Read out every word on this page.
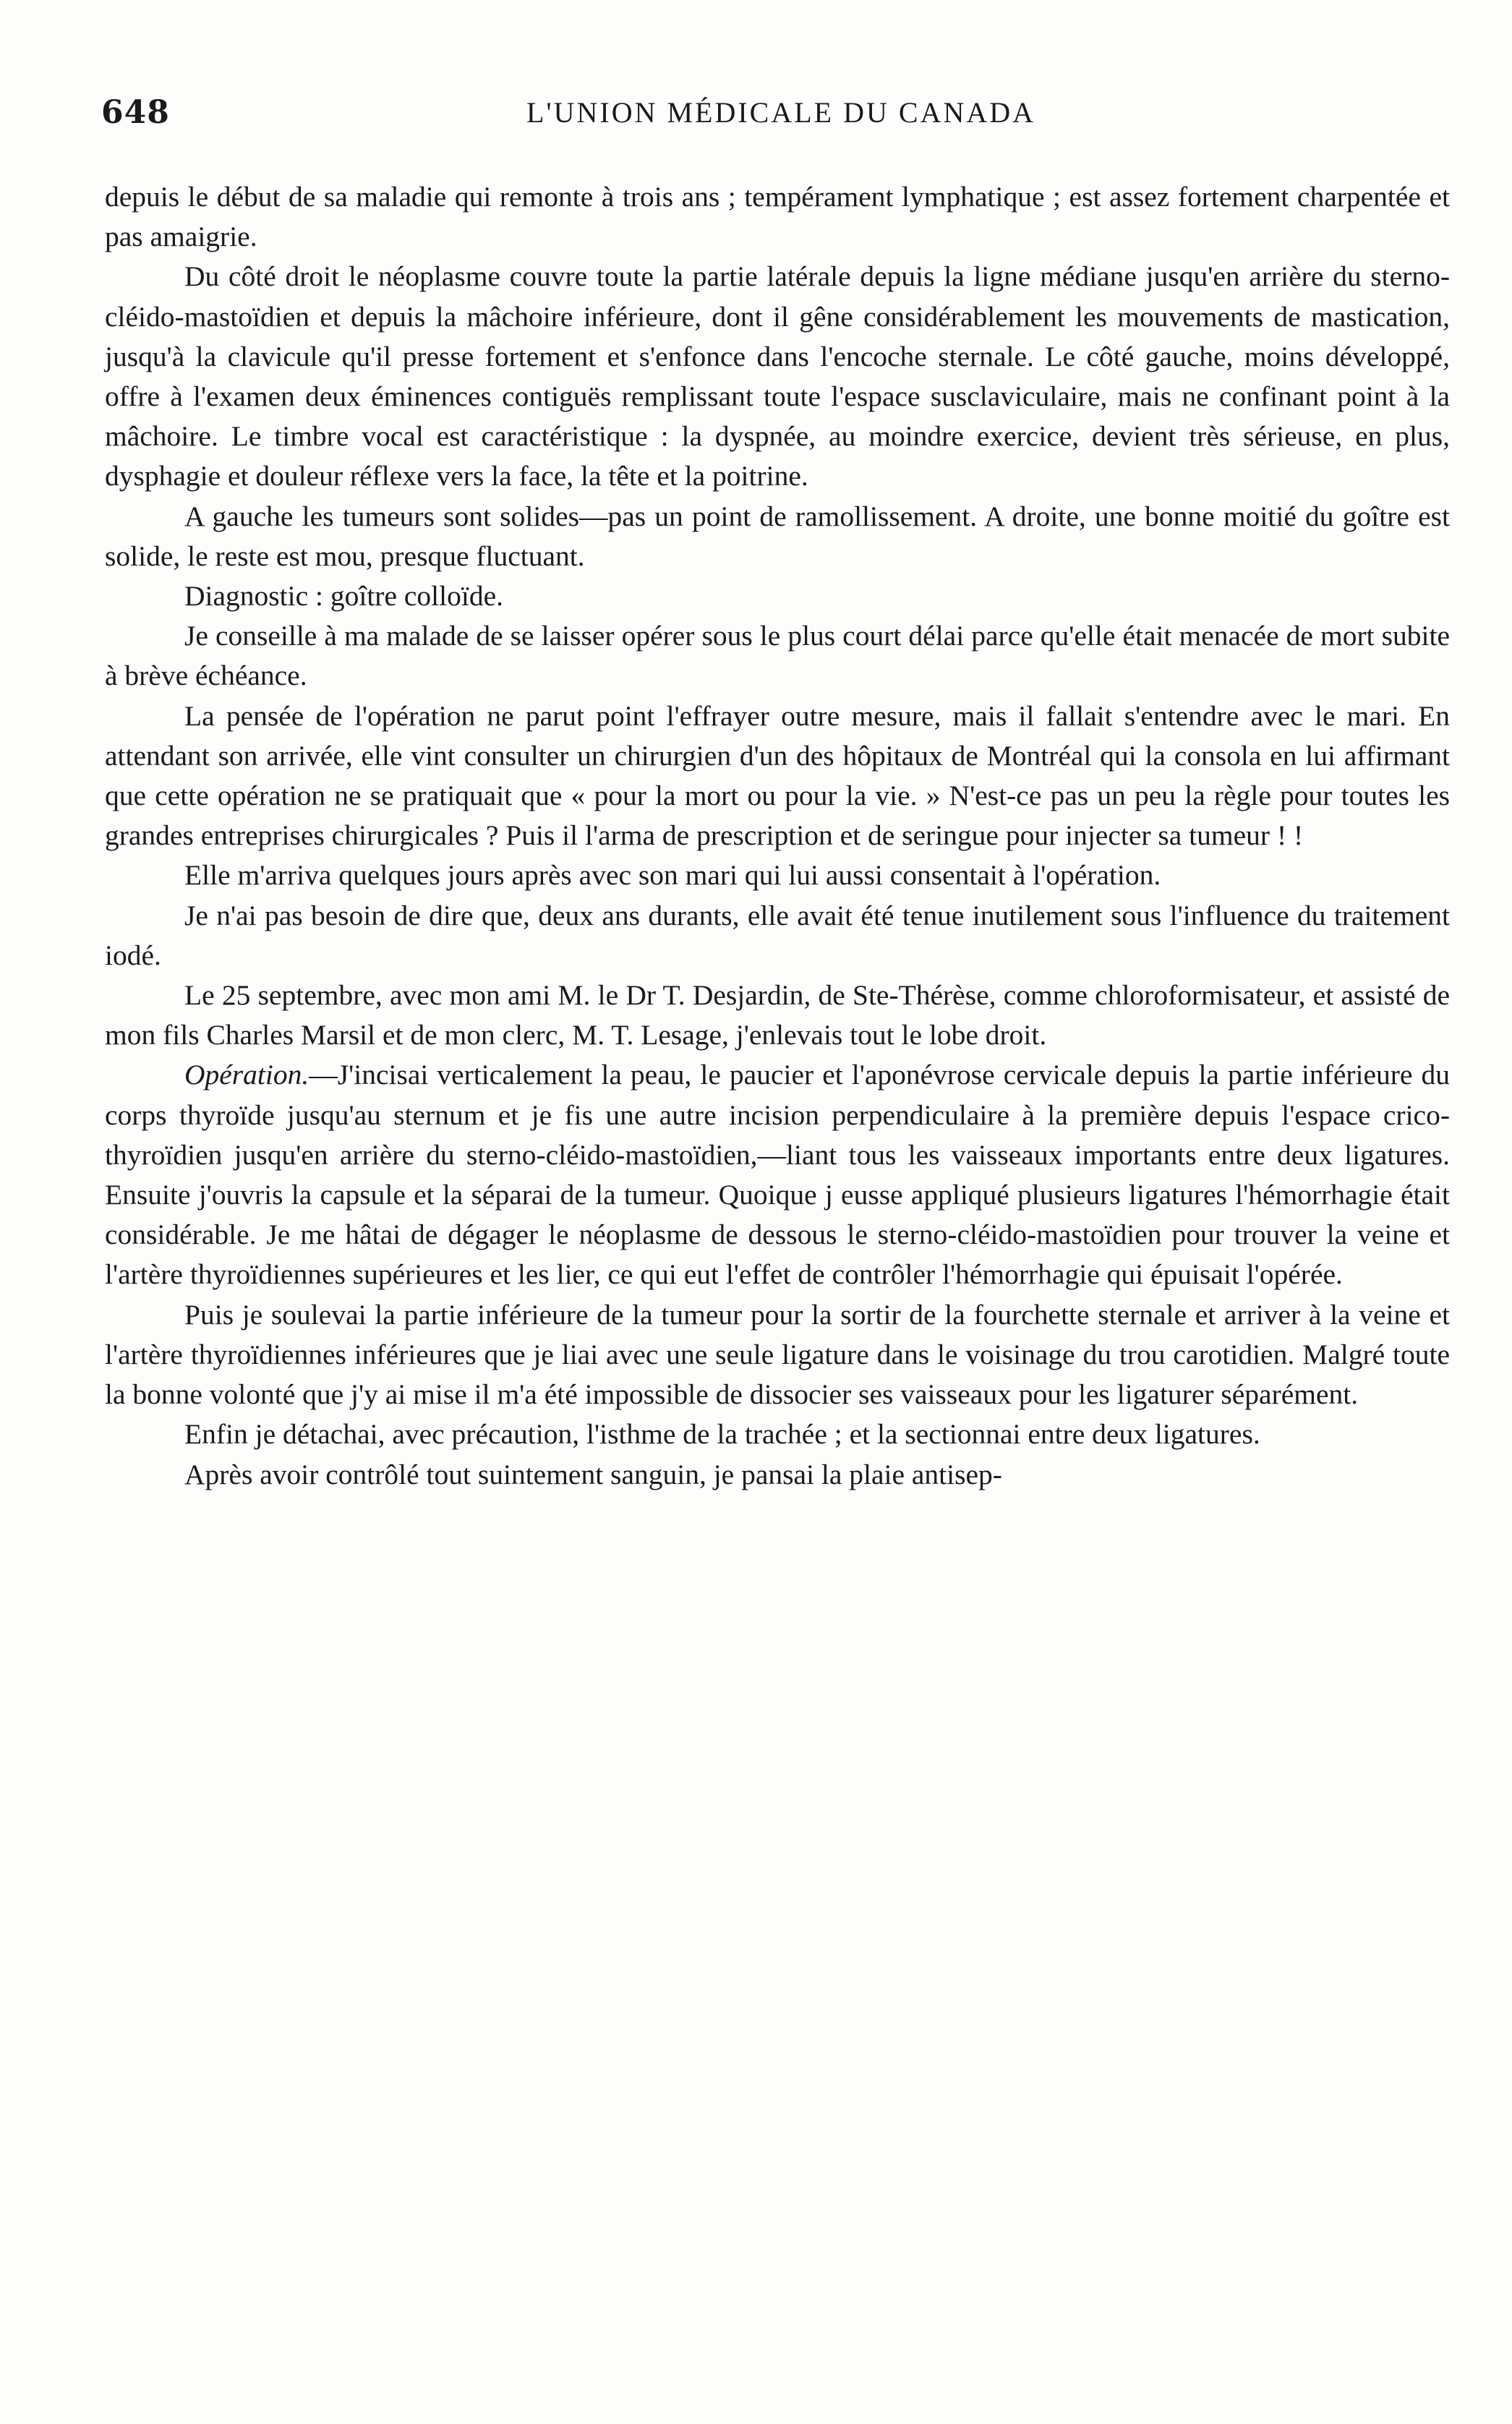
648	L'UNION MÉDICALE DU CANADA

depuis le début de sa maladie qui remonte à trois ans ; tempérament lymphatique ; est assez fortement charpentée et pas amaigrie.

Du côté droit le néoplasme couvre toute la partie latérale depuis la ligne médiane jusqu'en arrière du sterno-cléido-mastoïdien et depuis la mâchoire inférieure, dont il gêne considérablement les mouvements de mastication, jusqu'à la clavicule qu'il presse fortement et s'enfonce dans l'encoche sternale. Le côté gauche, moins développé, offre à l'examen deux éminences contiguës remplissant toute l'espace susclaviculaire, mais ne confinant point à la mâchoire. Le timbre vocal est caractéristique : la dyspnée, au moindre exercice, devient très sérieuse, en plus, dysphagie et douleur réflexe vers la face, la tête et la poitrine.

A gauche les tumeurs sont solides—pas un point de ramollissement. A droite, une bonne moitié du goître est solide, le reste est mou, presque fluctuant.

Diagnostic : goître colloïde.

Je conseille à ma malade de se laisser opérer sous le plus court délai parce qu'elle était menacée de mort subite à brève échéance.

La pensée de l'opération ne parut point l'effrayer outre mesure, mais il fallait s'entendre avec le mari. En attendant son arrivée, elle vint consulter un chirurgien d'un des hôpitaux de Montréal qui la consola en lui affirmant que cette opération ne se pratiquait que « pour la mort ou pour la vie. » N'est-ce pas un peu la règle pour toutes les grandes entreprises chirurgicales ? Puis il l'arma de prescription et de seringue pour injecter sa tumeur ! !

Elle m'arriva quelques jours après avec son mari qui lui aussi consentait à l'opération.

Je n'ai pas besoin de dire que, deux ans durants, elle avait été tenue inutilement sous l'influence du traitement iodé.

Le 25 septembre, avec mon ami M. le Dr T. Desjardin, de Ste-Thérèse, comme chloroformisateur, et assisté de mon fils Charles Marsil et de mon clerc, M. T. Lesage, j'enlevais tout le lobe droit.

Opération.—J'incisai verticalement la peau, le paucier et l'aponévrose cervicale depuis la partie inférieure du corps thyroïde jusqu'au sternum et je fis une autre incision perpendiculaire à la première depuis l'espace crico-thyroïdien jusqu'en arrière du sterno-cléido-mastoïdien,—liant tous les vaisseaux importants entre deux ligatures. Ensuite j'ouvris la capsule et la séparai de la tumeur. Quoique j eusse appliqué plusieurs ligatures l'hémorrhagie était considérable. Je me hâtai de dégager le néoplasme de dessous le sterno-cléido-mastoïdien pour trouver la veine et l'artère thyroïdiennes supérieures et les lier, ce qui eut l'effet de contrôler l'hémorrhagie qui épuisait l'opérée.

Puis je soulevai la partie inférieure de la tumeur pour la sortir de la fourchette sternale et arriver à la veine et l'artère thyroïdiennes inférieures que je liai avec une seule ligature dans le voisinage du trou carotidien. Malgré toute la bonne volonté que j'y ai mise il m'a été impossible de dissocier ses vaisseaux pour les ligaturer séparément.

Enfin je détachai, avec précaution, l'isthme de la trachée ; et la sectionnai entre deux ligatures.

Après avoir contrôlé tout suintement sanguin, je pansai la plaie antisep-
